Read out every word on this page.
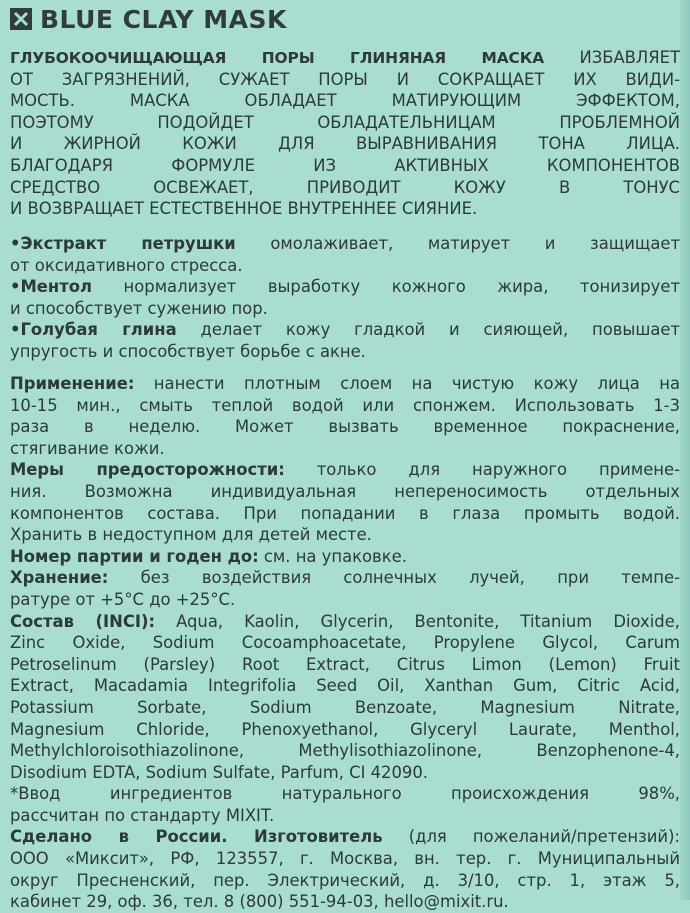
BLUE CLAY MASK
ГЛУБОКООЧИЩАЮЩАЯ ПОРЫ ГЛИНЯНАЯ МАСКА ИЗБАВЛЯЕТ
ОТ ЗАГРЯЗНЕНИЙ, СУЖАЕТ ПОРЫ И СОКРАЩАЕТ ИХ ВИДИ-
МОСТЬ. МАСКА ОБЛАДАЕТ МАТИРУЮЩИМ ЭФФЕКТОМ,
ПОЭТОМУ ПОДОЙДЕТ ОБЛАДАТЕЛЬНИЦАМ ПРОБЛЕМНОЙ
И ЖИРНОЙ КОЖИ ДЛЯ ВЫРАВНИВАНИЯ ТОНА ЛИЦА.
БЛАГОДАРЯ ФОРМУЛЕ ИЗ АКТИВНЫХ КОМПОНЕНТОВ
СРЕДСТВО ОСВЕЖАЕТ, ПРИВОДИТ КОЖУ В ТОНУС
И ВОЗВРАЩАЕТ ЕСТЕСТВЕННОЕ ВНУТРЕННЕЕ СИЯНИЕ.
•Экстракт петрушки омолаживает, матирует и защищает
от оксидативного стресса.
•Ментол нормализует выработку кожного жира, тонизирует
и способствует сужению пор.
•Голубая глина делает кожу гладкой и сияющей, повышает
упругость и способствует борьбе с акне.
Применение: нанести плотным слоем на чистую кожу лица на
10-15 мин., смыть теплой водой или спонжем. Использовать 1-3
раза в неделю. Может вызвать временное покраснение,
стягивание кожи.
Меры предосторожности: только для наружного примене-
ния. Возможна индивидуальная непереносимость отдельных
компонентов состава. При попадании в глаза промыть водой.
Хранить в недоступном для детей месте.
Номер партии и годен до: см. на упаковке.
Хранение: без воздействия солнечных лучей, при темпе-
ратуре от +5°С до +25°С.
Состав (INCI): Aqua, Kaolin, Glycerin, Bentonite, Titanium Dioxide,
Zinc Oxide, Sodium Cocoamphoacetate, Propylene Glycol, Carum
Petroselinum (Parsley) Root Extract, Citrus Limon (Lemon) Fruit
Extract, Macadamia Integrifolia Seed Oil, Xanthan Gum, Citric Acid,
Potassium Sorbate, Sodium Benzoate, Magnesium Nitrate,
Magnesium Chloride, Phenoxyethanol, Glyceryl Laurate, Menthol,
Methylchloroisothiazolinone, Methylisothiazolinone, Benzophenone-4,
Disodium EDTA, Sodium Sulfate, Parfum, CI 42090.
*Ввод ингредиентов натурального происхождения 98%,
рассчитан по стандарту MIXIT.
Сделано в России. Изготовитель (для пожеланий/претензий):
ООО «Миксит», РФ, 123557, г. Москва, вн. тер. г. Муниципальный
округ Пресненский, пер. Электрический, д. 3/10, стр. 1, этаж 5,
кабинет 29, оф. 36, тел. 8 (800) 551-94-03, hello@mixit.ru.
